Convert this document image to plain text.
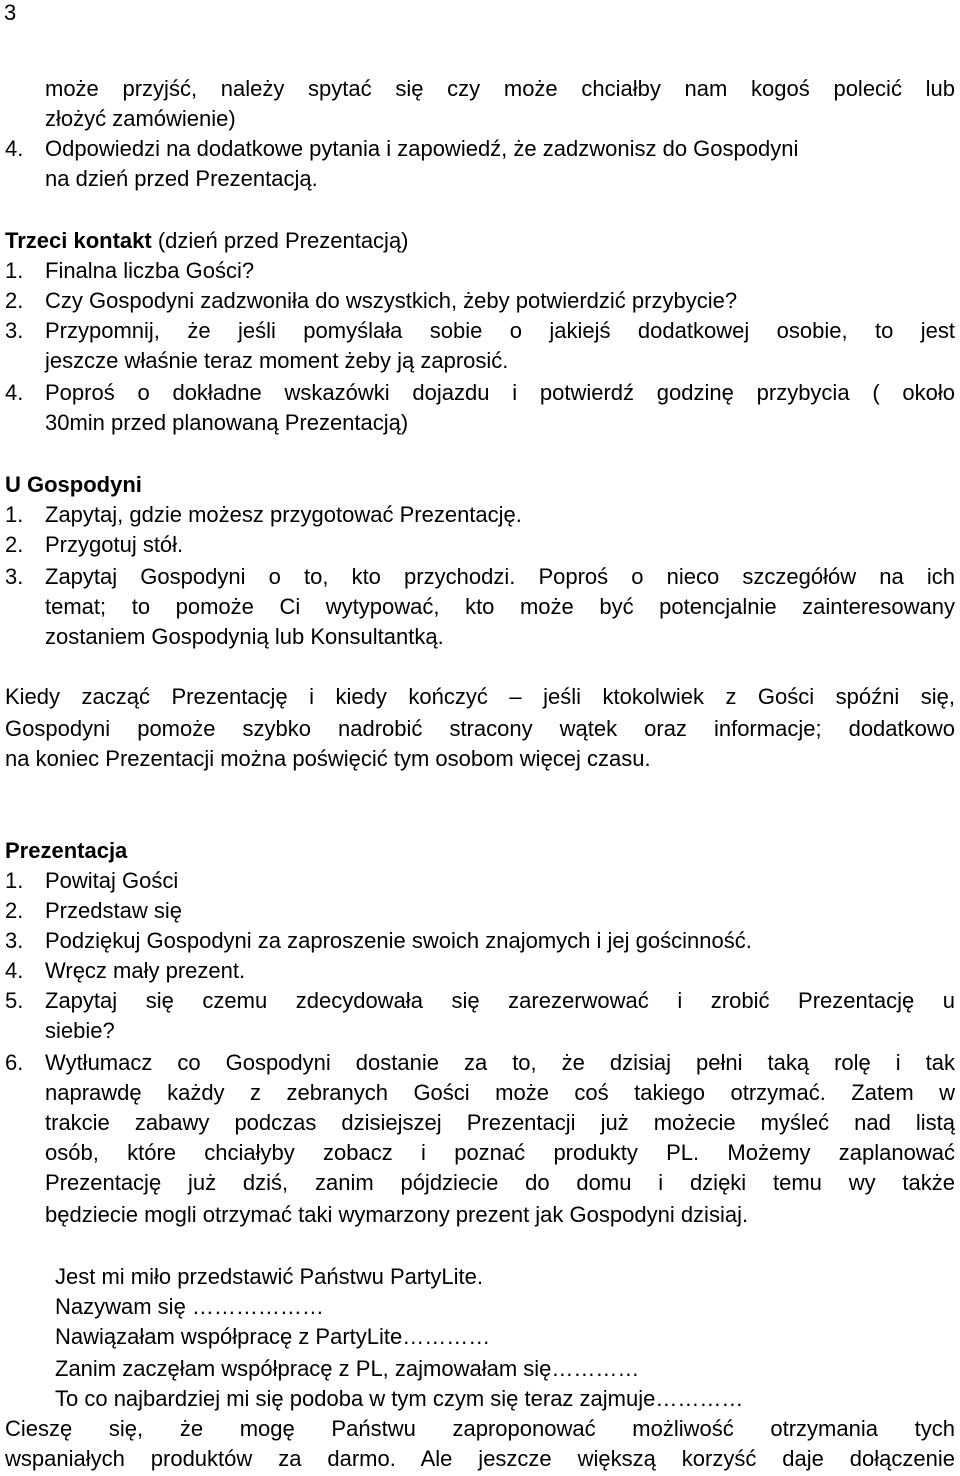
3
może przyjść, należy spytać się czy może chciałby nam kogoś polecić lub
złożyć zamówienie)
4. Odpowiedzi na dodatkowe pytania i zapowiedź, że zadzwonisz do Gospodyni
na dzień przed Prezentacją.
Trzeci kontakt (dzień przed Prezentacją)
1. Finalna liczba Gości?
2. Czy Gospodyni zadzwoniła do wszystkich, żeby potwierdzić przybycie?
3. Przypomnij, że jeśli pomyślała sobie o jakiejś dodatkowej osobie, to jest
jeszcze właśnie teraz moment żeby ją zaprosić.
4. Poproś o dokładne wskazówki dojazdu i potwierdź godzinę przybycia ( około
30min przed planowaną Prezentacją)
U Gospodyni
1. Zapytaj, gdzie możesz przygotować Prezentację.
2. Przygotuj stół.
3. Zapytaj Gospodyni o to, kto przychodzi. Poproś o nieco szczegółów na ich
temat; to pomoże Ci wytypować, kto może być potencjalnie zainteresowany
zostaniem Gospodynią lub Konsultantką.
Kiedy zacząć Prezentację i kiedy kończyć – jeśli ktokolwiek z Gości spóźni się,
Gospodyni pomoże szybko nadrobić stracony wątek oraz informacje; dodatkowo
na koniec Prezentacji można poświęcić tym osobom więcej czasu.
Prezentacja
1. Powitaj Gości
2. Przedstaw się
3. Podziękuj Gospodyni za zaproszenie swoich znajomych i jej gościnność.
4. Wręcz mały prezent.
5. Zapytaj się czemu zdecydowała się zarezerwować i zrobić Prezentację u
siebie?
6. Wytłumacz co Gospodyni dostanie za to, że dzisiaj pełni taką rolę i tak
naprawdę każdy z zebranych Gości może coś takiego otrzymać. Zatem w
trakcie zabawy podczas dzisiejszej Prezentacji już możecie myśleć nad listą
osób, które chciałyby zobacz i poznać produkty PL. Możemy zaplanować
Prezentację już dziś, zanim pójdziecie do domu i dzięki temu wy także
będziecie mogli otrzymać taki wymarzony prezent jak Gospodyni dzisiaj.
Jest mi miło przedstawić Państwu PartyLite.
Nazywam się ………………
Nawiązałam współpracę z PartyLite…………
Zanim zaczęłam współpracę z PL, zajmowałam się…………
To co najbardziej mi się podoba w tym czym się teraz zajmuje…………
Cieszę się, że mogę Państwu zaproponować możliwość otrzymania tych
wspaniałych produktów za darmo. Ale jeszcze większą korzyść daje dołączenie
